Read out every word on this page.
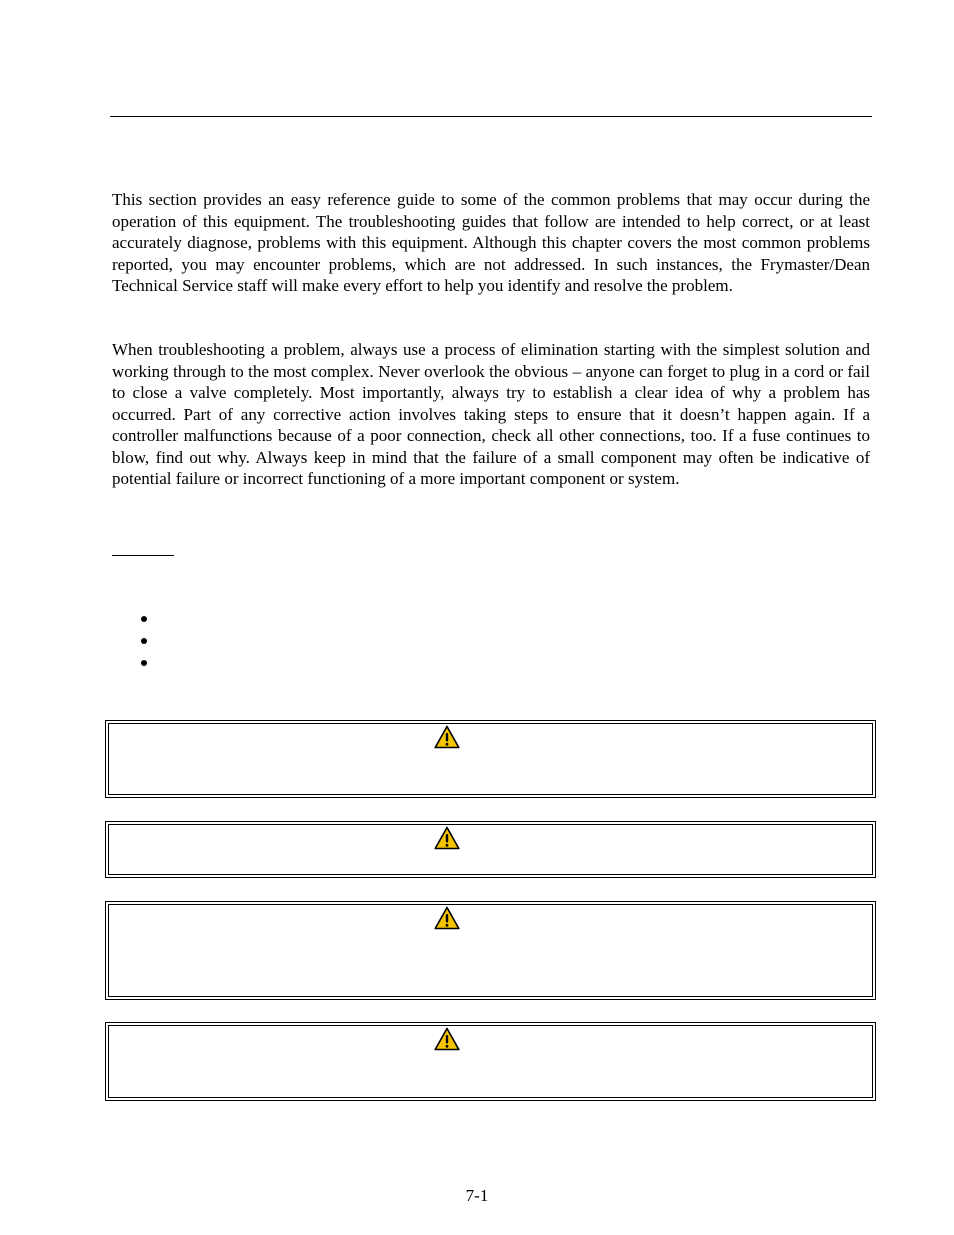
This section provides an easy reference guide to some of the common problems that may occur during the operation of this equipment. The troubleshooting guides that follow are intended to help correct, or at least accurately diagnose, problems with this equipment. Although this chapter covers the most common problems reported, you may encounter problems, which are not addressed. In such instances, the Frymaster/Dean Technical Service staff will make every effort to help you identify and resolve the problem.

When troubleshooting a problem, always use a process of elimination starting with the simplest solution and working through to the most complex. Never overlook the obvious – anyone can forget to plug in a cord or fail to close a valve completely. Most importantly, always try to establish a clear idea of why a problem has occurred. Part of any corrective action involves taking steps to ensure that it doesn’t happen again. If a controller malfunctions because of a poor connection, check all other connections, too. If a fuse continues to blow, find out why. Always keep in mind that the failure of a small component may often be indicative of potential failure or incorrect functioning of a more important component or system.

7-1
